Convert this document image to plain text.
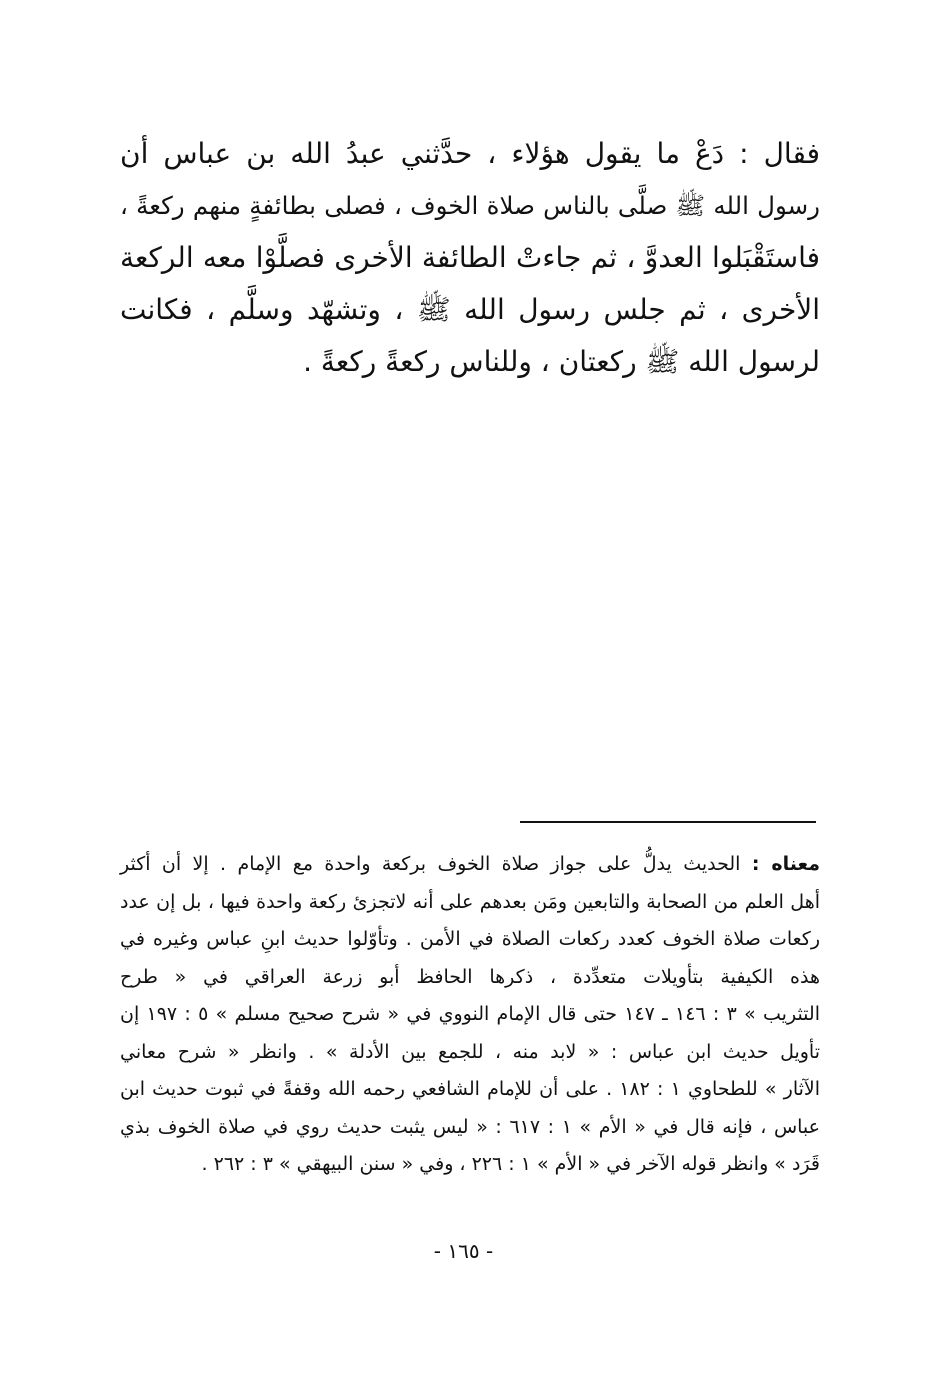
فقال : دَعْ ما يقول هؤلاء ، حدَّثني عبدُ الله بن عباس أن
رسول الله ﷺ صلَّى بالناس صلاة الخوف ، فصلى بطائفةٍ منهم ركعةً ،
فاستَقْبَلوا العدوَّ ، ثم جاءتْ الطائفة الأخرى فصلَّوْا معه الركعة
الأخرى ، ثم جلس رسول الله ﷺ ، وتشهّد وسلَّم ، فكانت
لرسول الله ﷺ ركعتان ، وللناس ركعةً ركعةً .
معناه : الحديث يدلُّ على جواز صلاة الخوف بركعة واحدة مع الإمام . إلا أن أكثر
أهل العلم من الصحابة والتابعين ومَن بعدهم على أنه لاتجزئ ركعة واحدة فيها ، بل إن عدد
ركعات صلاة الخوف كعدد ركعات الصلاة في الأمن . وتأوّلوا حديث ابنِ عباس وغيره في
هذه الكيفية بتأويلات متعدِّدة ، ذكرها الحافظ أبو زرعة العراقي في « طرح
التثريب » ٣ : ١٤٦ ـ ١٤٧ حتى قال الإمام النووي في « شرح صحيح مسلم » ٥ : ١٩٧ إن
تأويل حديث ابن عباس : « لابد منه ، للجمع بين الأدلة » . وانظر « شرح معاني
الآثار » للطحاوي ١ : ١٨٢ . على أن للإمام الشافعي رحمه الله وقفةً في ثبوت حديث ابن
عباس ، فإنه قال في « الأم » ١ : ٦١٧ : « ليس يثبت حديث روي في صلاة الخوف بذي
قَرَد » وانظر قوله الآخر في « الأم » ١ : ٢٢٦ ، وفي « سنن البيهقي » ٣ : ٢٦٢ .
- ١٦٥ -
